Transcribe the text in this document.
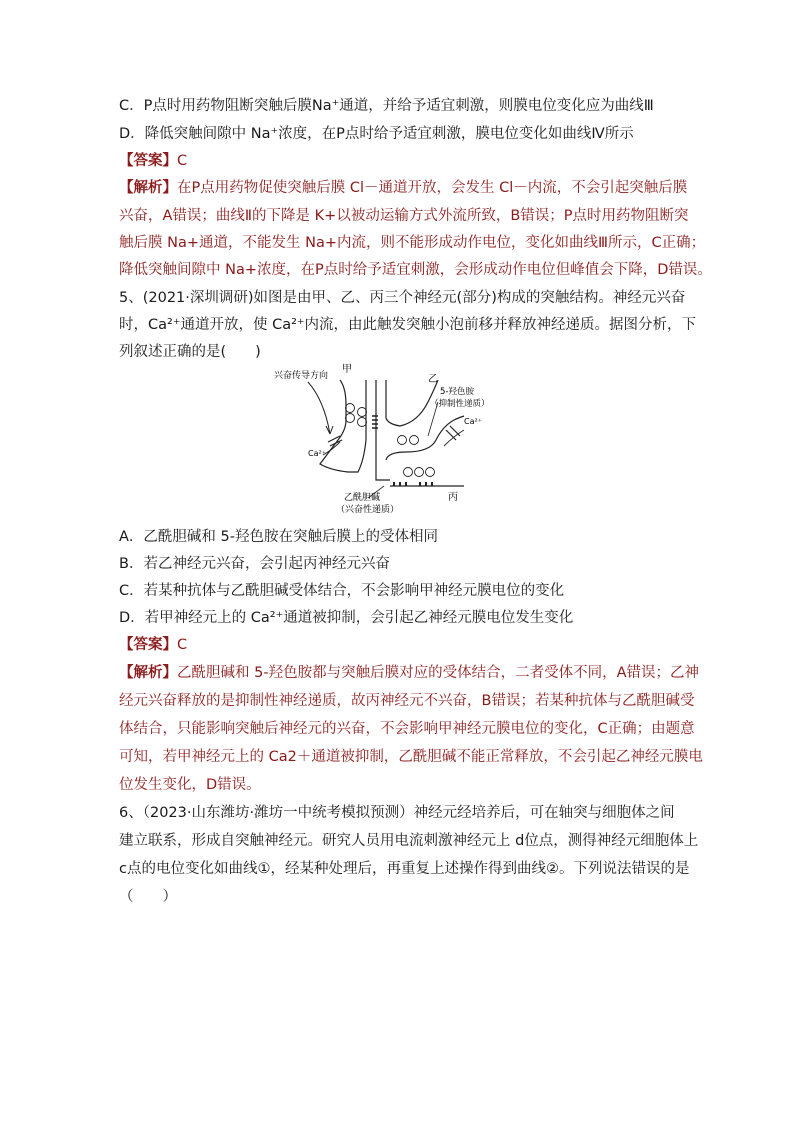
C．P点时用药物阻断突触后膜Na⁺通道，并给予适宜刺激，则膜电位变化应为曲线Ⅲ
D．降低突触间隙中 Na⁺浓度，在P点时给予适宜刺激，膜电位变化如曲线Ⅳ所示
【答案】C
【解析】在P点用药物促使突触后膜 Cl－通道开放，会发生 Cl－内流，不会引起突触后膜
兴奋，A错误；曲线Ⅱ的下降是 K+以被动运输方式外流所致，B错误；P点时用药物阻断突
触后膜 Na+通道，不能发生 Na+内流，则不能形成动作电位，变化如曲线Ⅲ所示，C正确；
降低突触间隙中 Na+浓度，在P点时给予适宜刺激，会形成动作电位但峰值会下降，D错误。
5、(2021·深圳调研)如图是由甲、乙、丙三个神经元(部分)构成的突触结构。神经元兴奋
时，Ca²⁺通道开放，使 Ca²⁺内流，由此触发突触小泡前移并释放神经递质。据图分析，下
列叙述正确的是(　　)
兴奋传导方向
甲
乙
丙
5-羟色胺
（抑制性递质）
Ca²⁺
Ca²⁺
乙酰胆碱
（兴奋性递质）
A．乙酰胆碱和 5-羟色胺在突触后膜上的受体相同
B．若乙神经元兴奋，会引起丙神经元兴奋
C．若某种抗体与乙酰胆碱受体结合，不会影响甲神经元膜电位的变化
D．若甲神经元上的 Ca²⁺通道被抑制，会引起乙神经元膜电位发生变化
【答案】C
【解析】乙酰胆碱和 5-羟色胺都与突触后膜对应的受体结合，二者受体不同，A错误；乙神
经元兴奋释放的是抑制性神经递质，故丙神经元不兴奋，B错误；若某种抗体与乙酰胆碱受
体结合，只能影响突触后神经元的兴奋，不会影响甲神经元膜电位的变化，C正确；由题意
可知，若甲神经元上的 Ca2＋通道被抑制，乙酰胆碱不能正常释放，不会引起乙神经元膜电
位发生变化，D错误。
6、（2023·山东潍坊·潍坊一中统考模拟预测）神经元经培养后，可在轴突与细胞体之间
建立联系，形成自突触神经元。研究人员用电流刺激神经元上 d位点，测得神经元细胞体上
c点的电位变化如曲线①，经某种处理后，再重复上述操作得到曲线②。下列说法错误的是
（　　）
